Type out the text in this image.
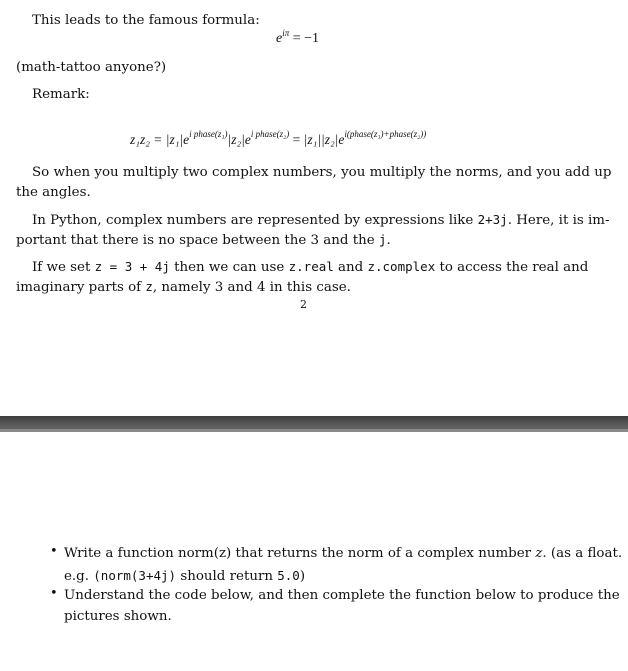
This leads to the famous formula:
$e^{i\pi} = -1$
(math-tattoo anyone?)
Remark:
$z_1z_2 = |z_1|e^{i phase(z_1)}|z_2|e^{i phase(z_2)} = |z_1||z_2|e^{i(phase(z_1)+phase(z_2))}$
So when you multiply two complex numbers, you multiply the norms, and you add up
the angles.
In Python, complex numbers are represented by expressions like 2+3j. Here, it is im-
portant that there is no space between the 3 and the j.
If we set z = 3 + 4j then we can use z.real and z.complex to access the real and
imaginary parts of z, namely 3 and 4 in this case.
2
• Write a function norm(z) that returns the norm of a complex number z. (as a float.
e.g. (norm(3+4j) should return 5.0)
• Understand the code below, and then complete the function below to produce the
pictures shown.
